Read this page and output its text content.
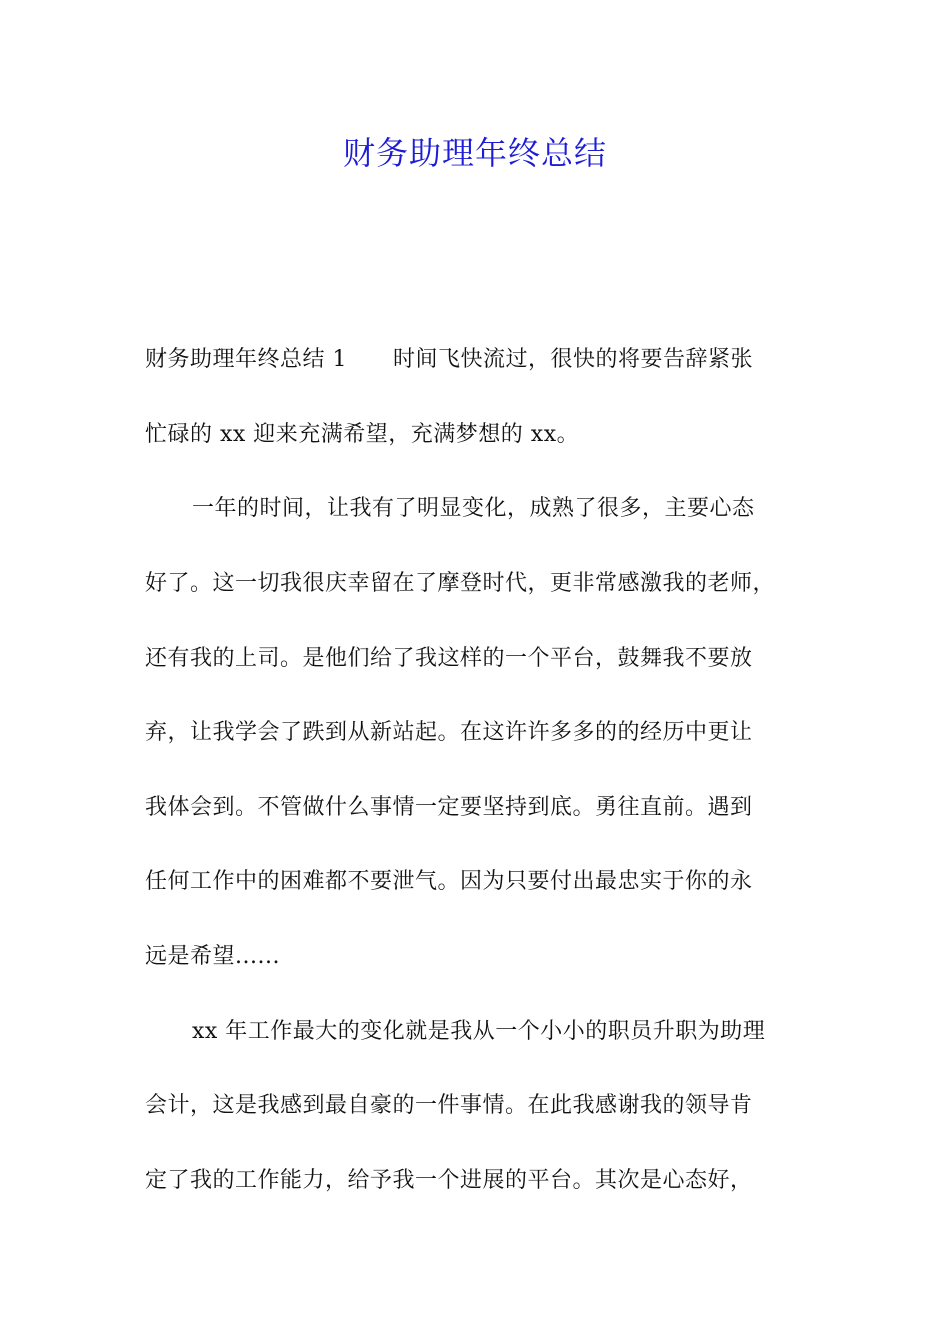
财务助理年终总结
财务助理年终总结 1 时间飞快流过，很快的将要告辞紧张
忙碌的 xx 迎来充满希望，充满梦想的 xx。
一年的时间，让我有了明显变化，成熟了很多，主要心态
好了。这一切我很庆幸留在了摩登时代，更非常感激我的老师，
还有我的上司。是他们给了我这样的一个平台，鼓舞我不要放
弃，让我学会了跌到从新站起。在这许许多多的的经历中更让
我体会到。不管做什么事情一定要坚持到底。勇往直前。遇到
任何工作中的困难都不要泄气。因为只要付出最忠实于你的永
远是希望......
xx 年工作最大的变化就是我从一个小小的职员升职为助理
会计，这是我感到最自豪的一件事情。在此我感谢我的领导肯
定了我的工作能力，给予我一个进展的平台。其次是心态好，
